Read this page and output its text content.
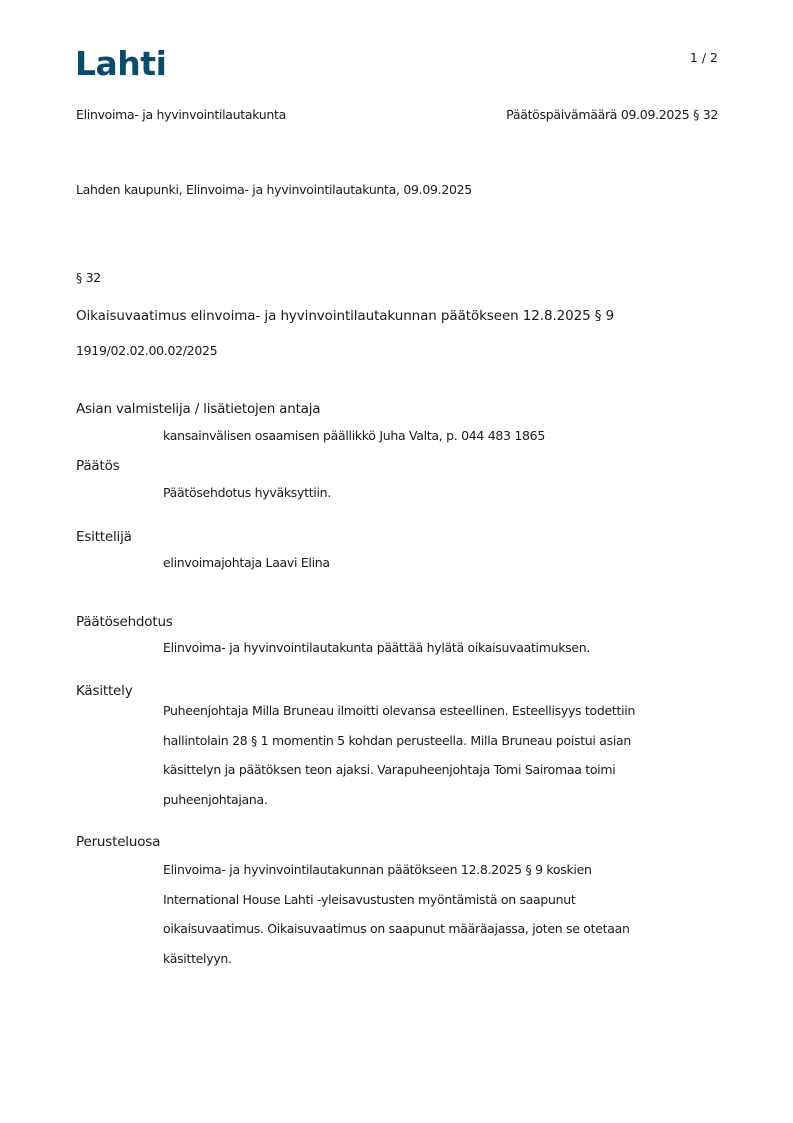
Lahti	1 / 2
Elinvoima- ja hyvinvointilautakunta	Päätöspäivämäärä 09.09.2025 § 32
Lahden kaupunki, Elinvoima- ja hyvinvointilautakunta, 09.09.2025
§ 32
Oikaisuvaatimus elinvoima- ja hyvinvointilautakunnan päätökseen 12.8.2025 § 9
1919/02.02.00.02/2025
Asian valmistelija / lisätietojen antaja
kansainvälisen osaamisen päällikkö Juha Valta, p. 044 483 1865
Päätös
Päätösehdotus hyväksyttiin.
Esittelijä
elinvoimajohtaja Laavi Elina
Päätösehdotus
Elinvoima- ja hyvinvointilautakunta päättää hylätä oikaisuvaatimuksen.
Käsittely
Puheenjohtaja Milla Bruneau ilmoitti olevansa esteellinen. Esteellisyys todettiin
hallintolain 28 § 1 momentin 5 kohdan perusteella. Milla Bruneau poistui asian
käsittelyn ja päätöksen teon ajaksi. Varapuheenjohtaja Tomi Sairomaa toimi
puheenjohtajana.
Perusteluosa
Elinvoima- ja hyvinvointilautakunnan päätökseen 12.8.2025 § 9 koskien
International House Lahti -yleisavustusten myöntämistä on saapunut
oikaisuvaatimus. Oikaisuvaatimus on saapunut määräajassa, joten se otetaan
käsittelyyn.
